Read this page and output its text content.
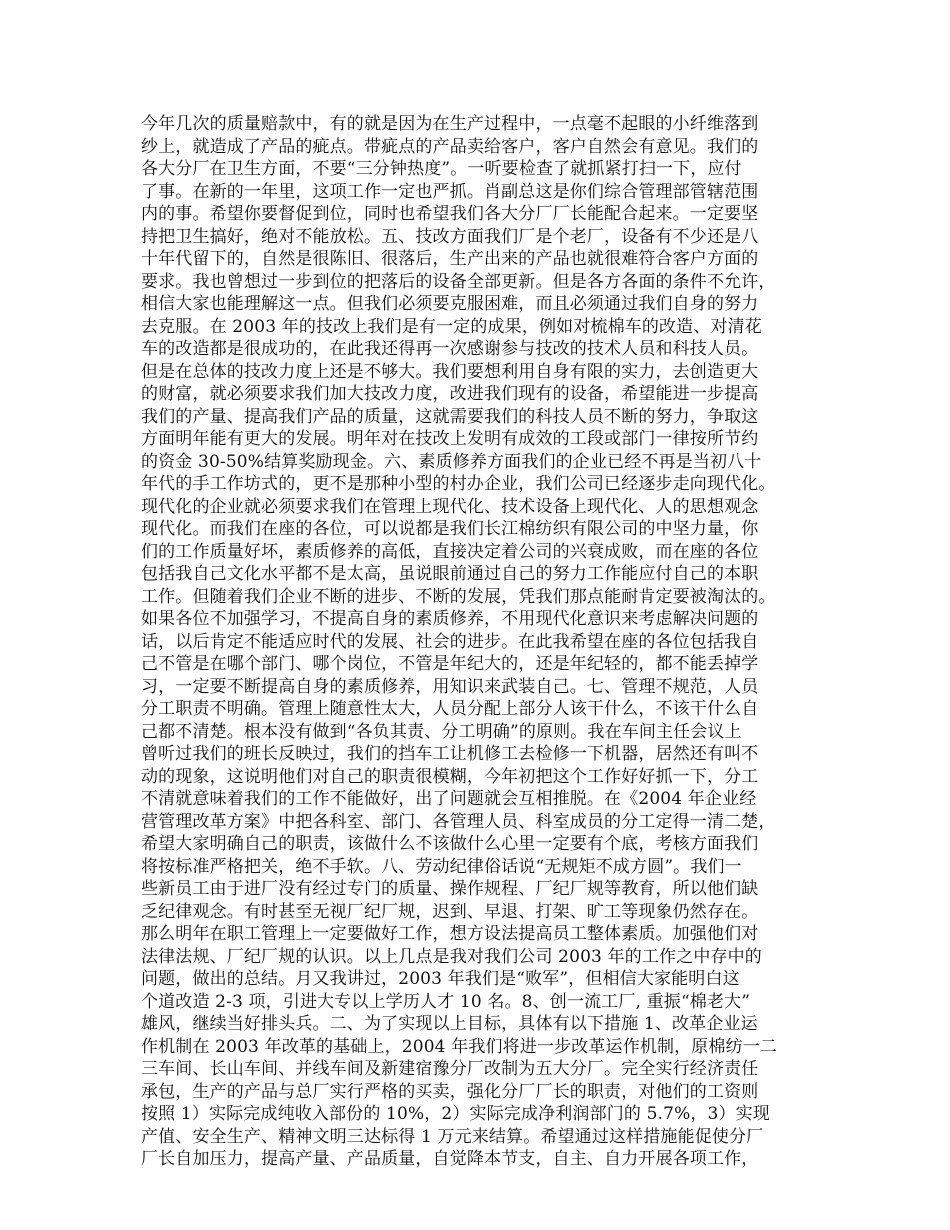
今年几次的质量赔款中，有的就是因为在生产过程中，一点毫不起眼的小纤维落到
纱上，就造成了产品的疵点。带疵点的产品卖给客户，客户自然会有意见。我们的
各大分厂在卫生方面，不要“三分钟热度”。一听要检查了就抓紧打扫一下，应付
了事。在新的一年里，这项工作一定也严抓。肖副总这是你们综合管理部管辖范围
内的事。希望你要督促到位，同时也希望我们各大分厂厂长能配合起来。一定要坚
持把卫生搞好，绝对不能放松。五、技改方面我们厂是个老厂，设备有不少还是八
十年代留下的，自然是很陈旧、很落后，生产出来的产品也就很难符合客户方面的
要求。我也曾想过一步到位的把落后的设备全部更新。但是各方各面的条件不允许，
相信大家也能理解这一点。但我们必须要克服困难，而且必须通过我们自身的努力
去克服。在 2003 年的技改上我们是有一定的成果，例如对梳棉车的改造、对清花
车的改造都是很成功的，在此我还得再一次感谢参与技改的技术人员和科技人员。
但是在总体的技改力度上还是不够大。我们要想利用自身有限的实力，去创造更大
的财富，就必须要求我们加大技改力度，改进我们现有的设备，希望能进一步提高
我们的产量、提高我们产品的质量，这就需要我们的科技人员不断的努力，争取这
方面明年能有更大的发展。明年对在技改上发明有成效的工段或部门一律按所节约
的资金 30-50%结算奖励现金。六、素质修养方面我们的企业已经不再是当初八十
年代的手工作坊式的，更不是那种小型的村办企业，我们公司已经逐步走向现代化。
现代化的企业就必须要求我们在管理上现代化、技术设备上现代化、人的思想观念
现代化。而我们在座的各位，可以说都是我们长江棉纺织有限公司的中坚力量，你
们的工作质量好坏，素质修养的高低，直接决定着公司的兴衰成败，而在座的各位
包括我自己文化水平都不是太高，虽说眼前通过自己的努力工作能应付自己的本职
工作。但随着我们企业不断的进步、不断的发展，凭我们那点能耐肯定要被淘汰的。
如果各位不加强学习，不提高自身的素质修养，不用现代化意识来考虑解决问题的
话，以后肯定不能适应时代的发展、社会的进步。在此我希望在座的各位包括我自
己不管是在哪个部门、哪个岗位，不管是年纪大的，还是年纪轻的，都不能丢掉学
习，一定要不断提高自身的素质修养，用知识来武装自己。七、管理不规范，人员
分工职责不明确。管理上随意性太大，人员分配上部分人该干什么，不该干什么自
己都不清楚。根本没有做到“各负其责、分工明确”的原则。我在车间主任会议上
曾听过我们的班长反映过，我们的挡车工让机修工去检修一下机器，居然还有叫不
动的现象，这说明他们对自己的职责很模糊，今年初把这个工作好好抓一下，分工
不清就意味着我们的工作不能做好，出了问题就会互相推脱。在《2004 年企业经
营管理改革方案》中把各科室、部门、各管理人员、科室成员的分工定得一清二楚，
希望大家明确自己的职责，该做什么不该做什么心里一定要有个底，考核方面我们
将按标准严格把关，绝不手软。八、劳动纪律俗话说“无规矩不成方圆”。我们一
些新员工由于进厂没有经过专门的质量、操作规程、厂纪厂规等教育，所以他们缺
乏纪律观念。有时甚至无视厂纪厂规，迟到、早退、打架、旷工等现象仍然存在。
那么明年在职工管理上一定要做好工作，想方设法提高员工整体素质。加强他们对
法律法规、厂纪厂规的认识。以上几点是我对我们公司 2003 年的工作之中存中的
问题，做出的总结。月又我讲过，2003 年我们是“败军”，但相信大家能明白这
个道改造 2-3 项，引进大专以上学历人才 10 名。8、创一流工厂, 重振“棉老大”
雄风，继续当好排头兵。二、为了实现以上目标，具体有以下措施 1、改革企业运
作机制在 2003 年改革的基础上，2004 年我们将进一步改革运作机制，原棉纺一二
三车间、长山车间、并线车间及新建宿豫分厂改制为五大分厂。完全实行经济责任
承包，生产的产品与总厂实行严格的买卖，强化分厂厂长的职责，对他们的工资则
按照 1）实际完成纯收入部份的 10%，2）实际完成净利润部门的 5.7%，3）实现
产值、安全生产、精神文明三达标得 1 万元来结算。希望通过这样措施能促使分厂
厂长自加压力，提高产量、产品质量，自觉降本节支，自主、自力开展各项工作，
